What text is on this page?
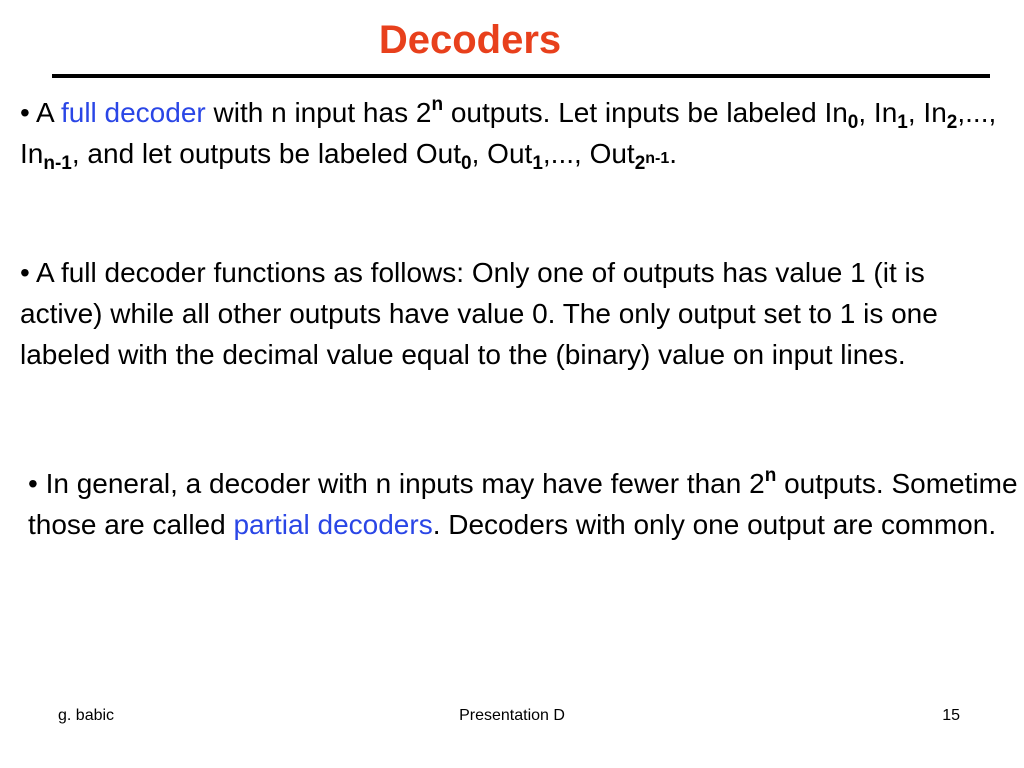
Decoders

• A full decoder with n input has 2$^n$ outputs. Let inputs be labeled $In_0$, $In_1$, $In_2$,..., $In_{n-1}$, and let outputs be labeled Out$_0$, Out$_1$,..., Out$_2$n-1.

• A full decoder functions as follows: Only one of outputs has value 1 (it is active) while all other outputs have value 0. The only output set to 1 is one labeled with the decimal value equal to the (binary) value on input lines.

• In general, a decoder with n inputs may have fewer than 2$^n$ outputs. Sometime those are called partial decoders. Decoders with only one output are common.

g. babic	Presentation D	15
